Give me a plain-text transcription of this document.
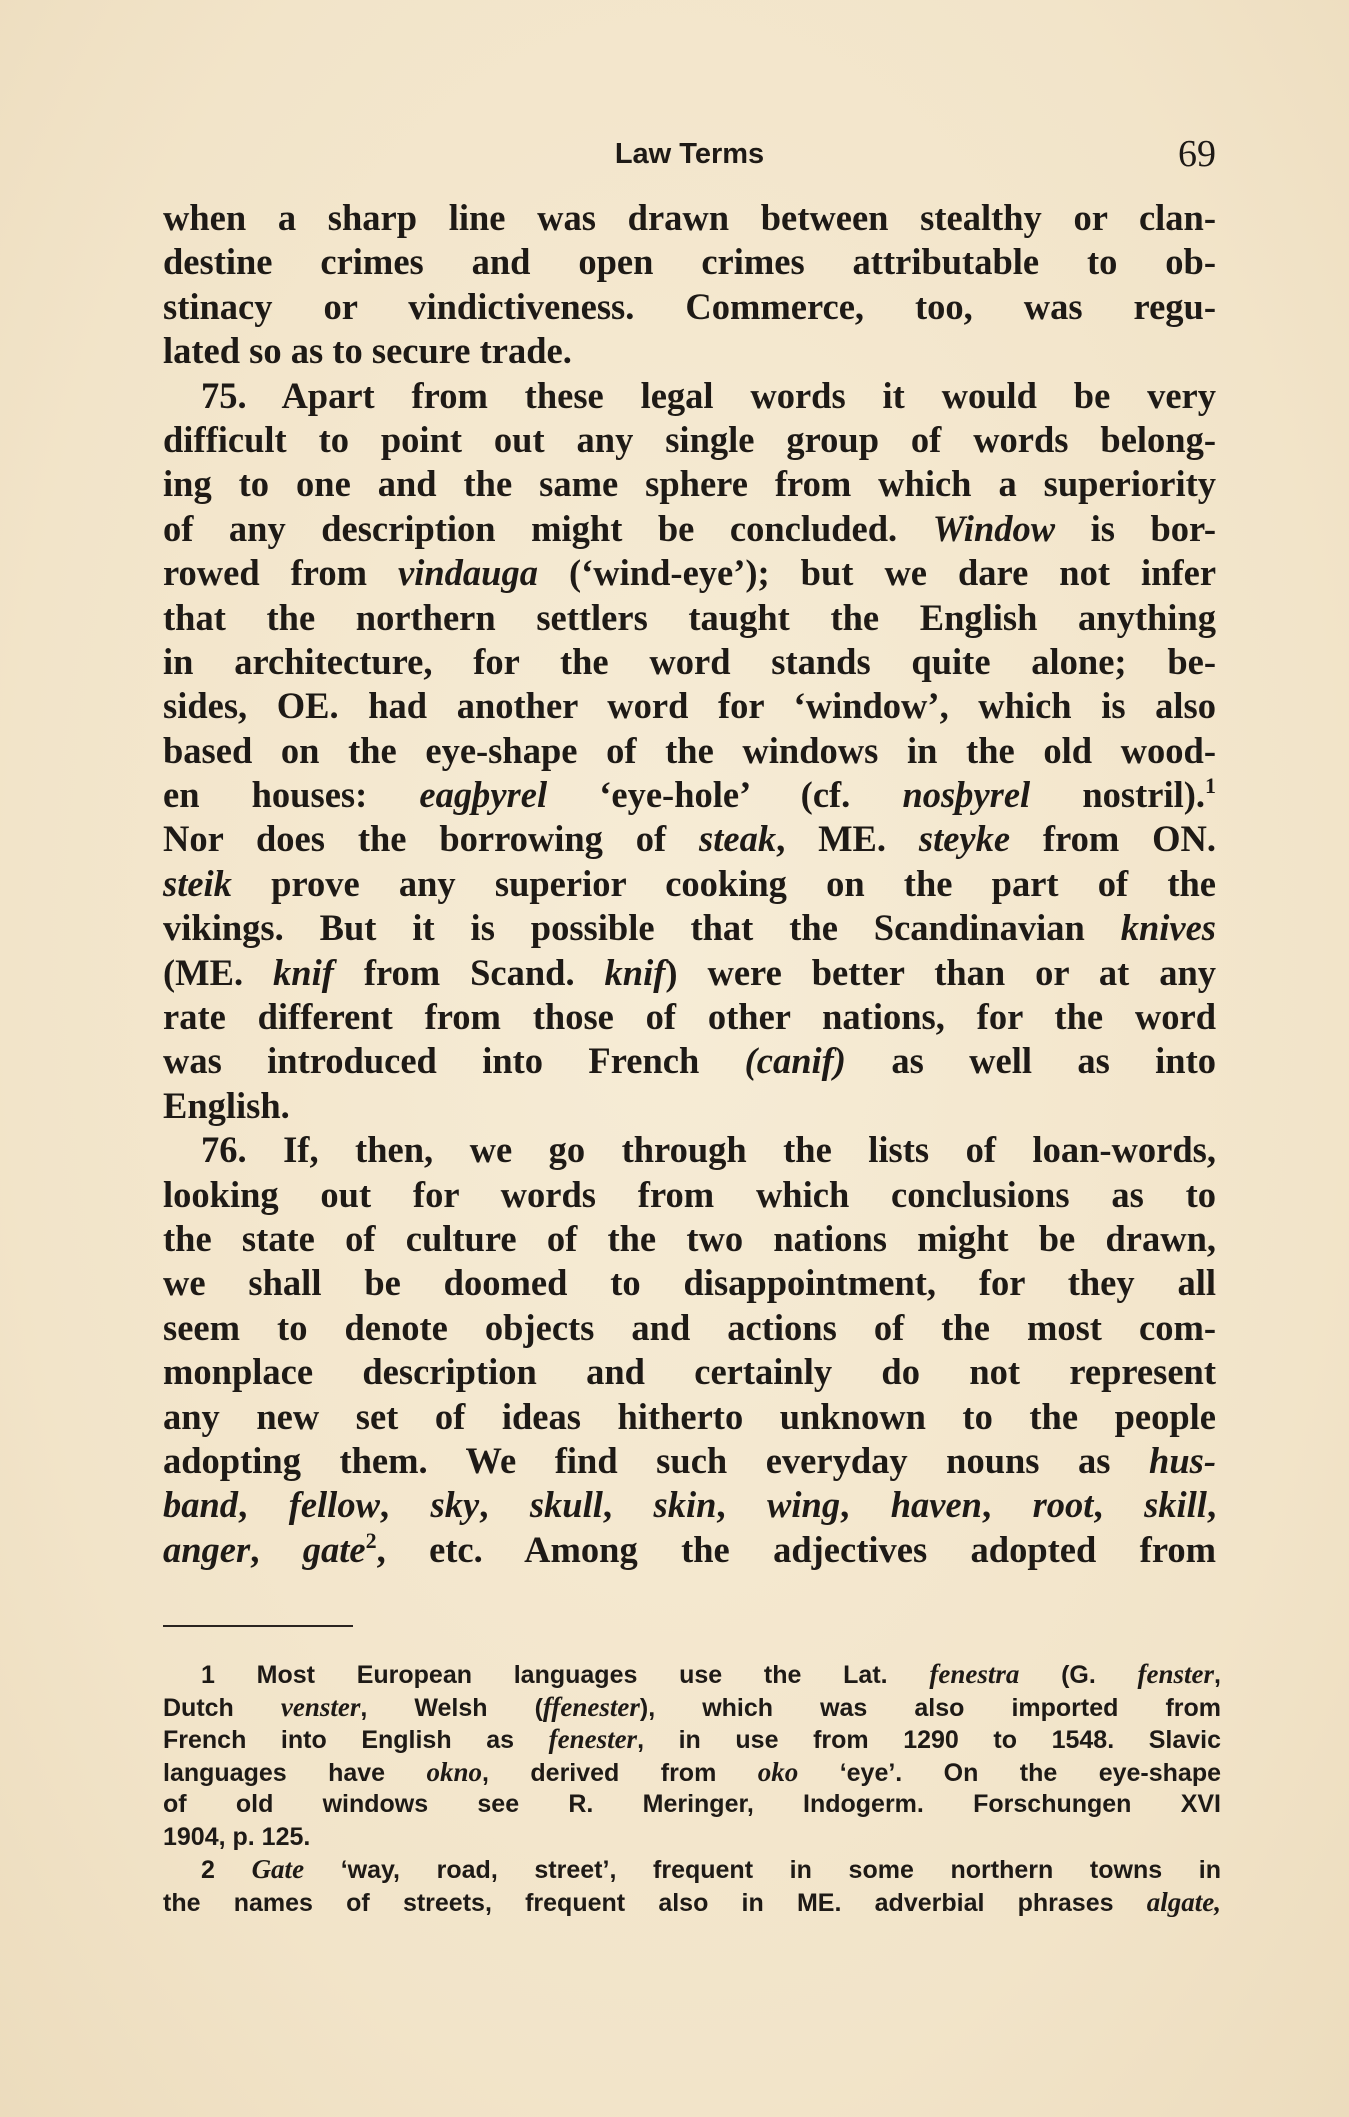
Law Terms	69
when a sharp line was drawn between stealthy or clan-
destine crimes and open crimes attributable to ob-
stinacy or vindictiveness. Commerce, too, was regu-
lated so as to secure trade.
75. Apart from these legal words it would be very
difficult to point out any single group of words belong-
ing to one and the same sphere from which a superiority
of any description might be concluded. Window is bor-
rowed from vindauga (‘wind-eye’); but we dare not infer
that the northern settlers taught the English anything
in architecture, for the word stands quite alone; be-
sides, OE. had another word for ‘window’, which is also
based on the eye-shape of the windows in the old wood-
en houses: eagþyrel ‘eye-hole’ (cf. nosþyrel nostril).$^1$
Nor does the borrowing of steak, ME. steyke from ON.
steik prove any superior cooking on the part of the
vikings. But it is possible that the Scandinavian knives
(ME. knif from Scand. knif) were better than or at any
rate different from those of other nations, for the word
was introduced into French (canif) as well as into
English.
76. If, then, we go through the lists of loan-words,
looking out for words from which conclusions as to
the state of culture of the two nations might be drawn,
we shall be doomed to disappointment, for they all
seem to denote objects and actions of the most com-
monplace description and certainly do not represent
any new set of ideas hitherto unknown to the people
adopting them. We find such everyday nouns as hus-
band, fellow, sky, skull, skin, wing, haven, root, skill,
anger, gate$^2$, etc. Among the adjectives adopted from
1 Most European languages use the Lat. fenestra (G. fenster,
Dutch venster, Welsh (ffenester), which was also imported from
French into English as fenester, in use from 1290 to 1548. Slavic
languages have okno, derived from oko ‘eye’. On the eye-shape
of old windows see R. Meringer, Indogerm. Forschungen XVI
1904, p. 125.
2 Gate ‘way, road, street’, frequent in some northern towns in
the names of streets, frequent also in ME. adverbial phrases algate,
